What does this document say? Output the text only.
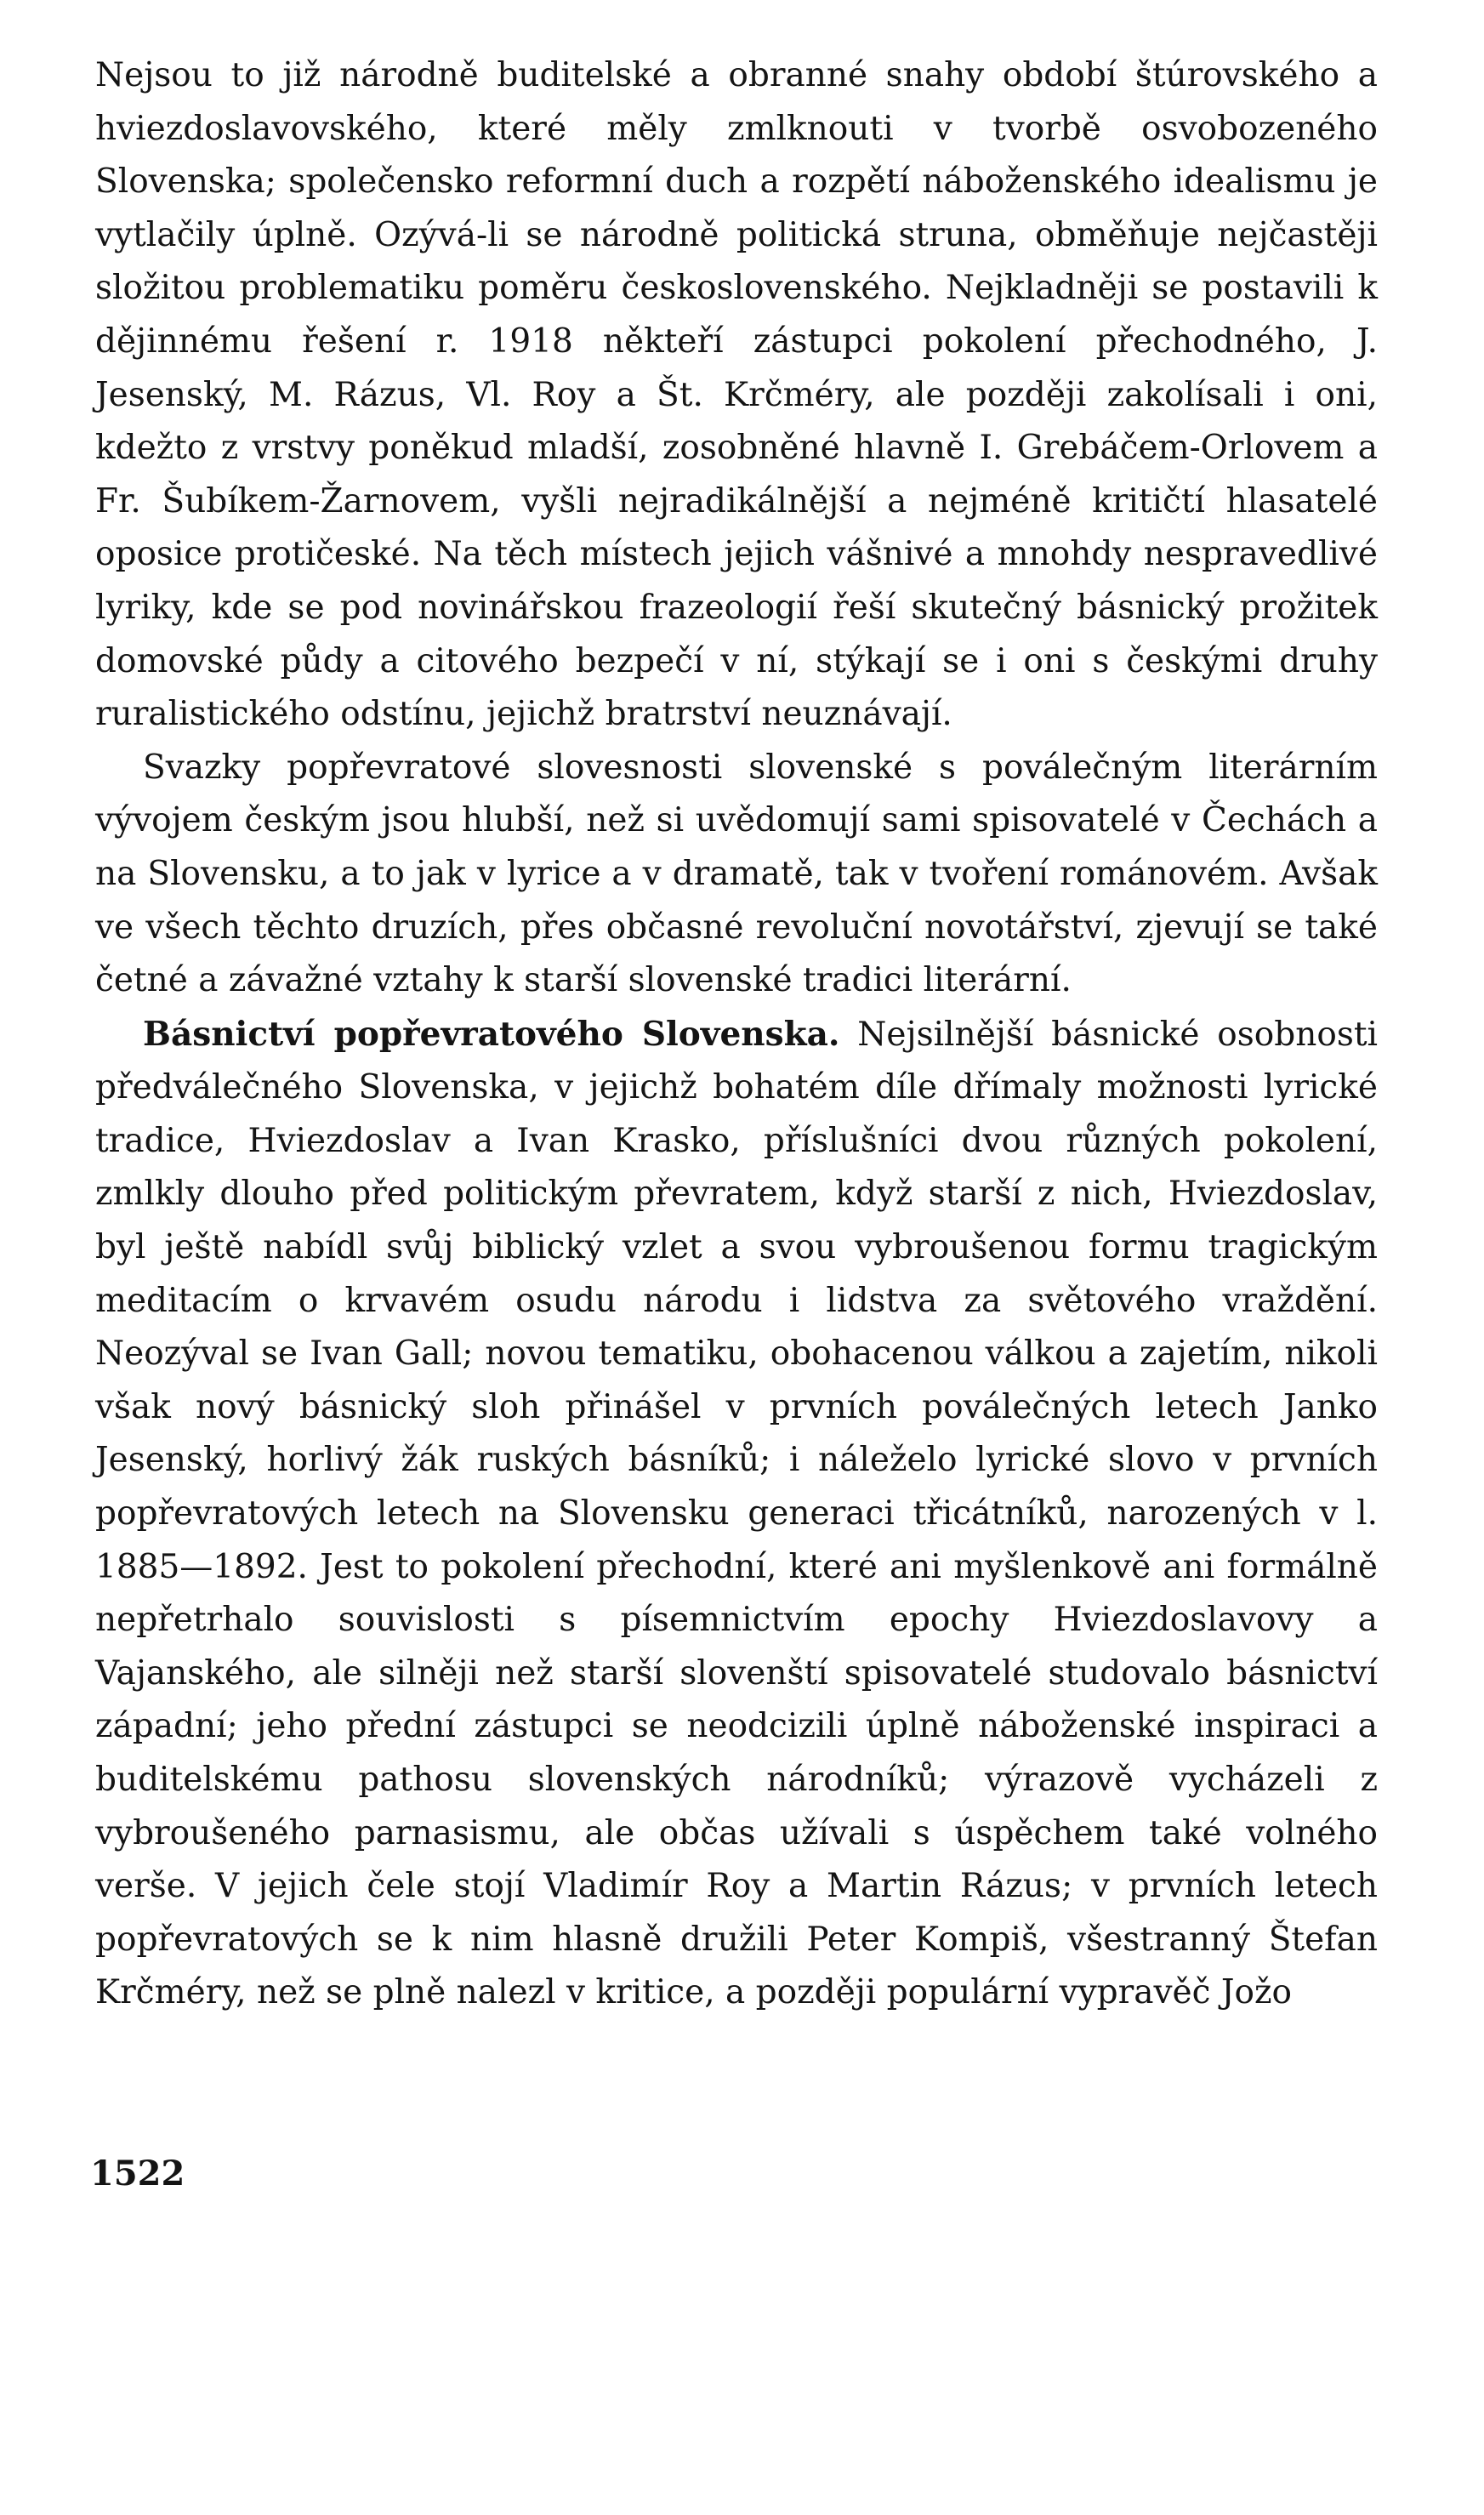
Nejsou to již národně buditelské a obranné snahy období štúrovského a hviezdoslavovského, které měly zmlknouti v tvorbě osvobozeného Slovenska; společensko reformní duch a rozpětí náboženského idealismu je vytlačily úplně. Ozývá-li se národně politická struna, obměňuje nejčastěji složitou problematiku poměru československého. Nejkladněji se postavili k dějinnému řešení r. 1918 někteří zástupci pokolení přechodného, J. Jesenský, M. Rázus, Vl. Roy a Št. Krčméry, ale později zakolísali i oni, kdežto z vrstvy poněkud mladší, zosobněné hlavně I. Grebáčem-Orlovem a Fr. Šubíkem-Žarnovem, vyšli nejradikálnější a nejméně kritičtí hlasatelé oposice protičeské. Na těch místech jejich vášnivé a mnohdy nespravedlivé lyriky, kde se pod novinářskou frazeologií řeší skutečný básnický prožitek domovské půdy a citového bezpečí v ní, stýkají se i oni s českými druhy ruralistického odstínu, jejichž bratrství neuznávají.

Svazky popřevratové slovesnosti slovenské s poválečným literárním vývojem českým jsou hlubší, než si uvědomují sami spisovatelé v Čechách a na Slovensku, a to jak v lyrice a v dramatě, tak v tvoření románovém. Avšak ve všech těchto druzích, přes občasné revoluční novotářství, zjevují se také četné a závažné vztahy k starší slovenské tradici literární.

Básnictví popřevratového Slovenska. Nejsilnější básnické osobnosti předválečného Slovenska, v jejichž bohatém díle dřímaly možnosti lyrické tradice, Hviezdoslav a Ivan Krasko, příslušníci dvou různých pokolení, zmlkly dlouho před politickým převratem, když starší z nich, Hviezdoslav, byl ještě nabídl svůj biblický vzlet a svou vybroušenou formu tragickým meditacím o krvavém osudu národu i lidstva za světového vraždění. Neozýval se Ivan Gall; novou tematiku, obohacenou válkou a zajetím, nikoli však nový básnický sloh přinášel v prvních poválečných letech Janko Jesenský, horlivý žák ruských básníků; i náleželo lyrické slovo v prvních popřevratových letech na Slovensku generaci třicátníků, narozených v l. 1885—1892. Jest to pokolení přechodní, které ani myšlenkově ani formálně nepřetrhalo souvislosti s písemnictvím epochy Hviezdoslavovy a Vajanského, ale silněji než starší slovenští spisovatelé studovalo básnictví západní; jeho přední zástupci se neodcizili úplně náboženské inspiraci a buditelskému pathosu slovenských národníků; výrazově vycházeli z vybroušeného parnasismu, ale občas užívali s úspěchem také volného verše. V jejich čele stojí Vladimír Roy a Martin Rázus; v prvních letech popřevratových se k nim hlasně družili Peter Kompiš, všestranný Štefan Krčméry, než se plně nalezl v kritice, a později populární vypravěč Jožo

1522
